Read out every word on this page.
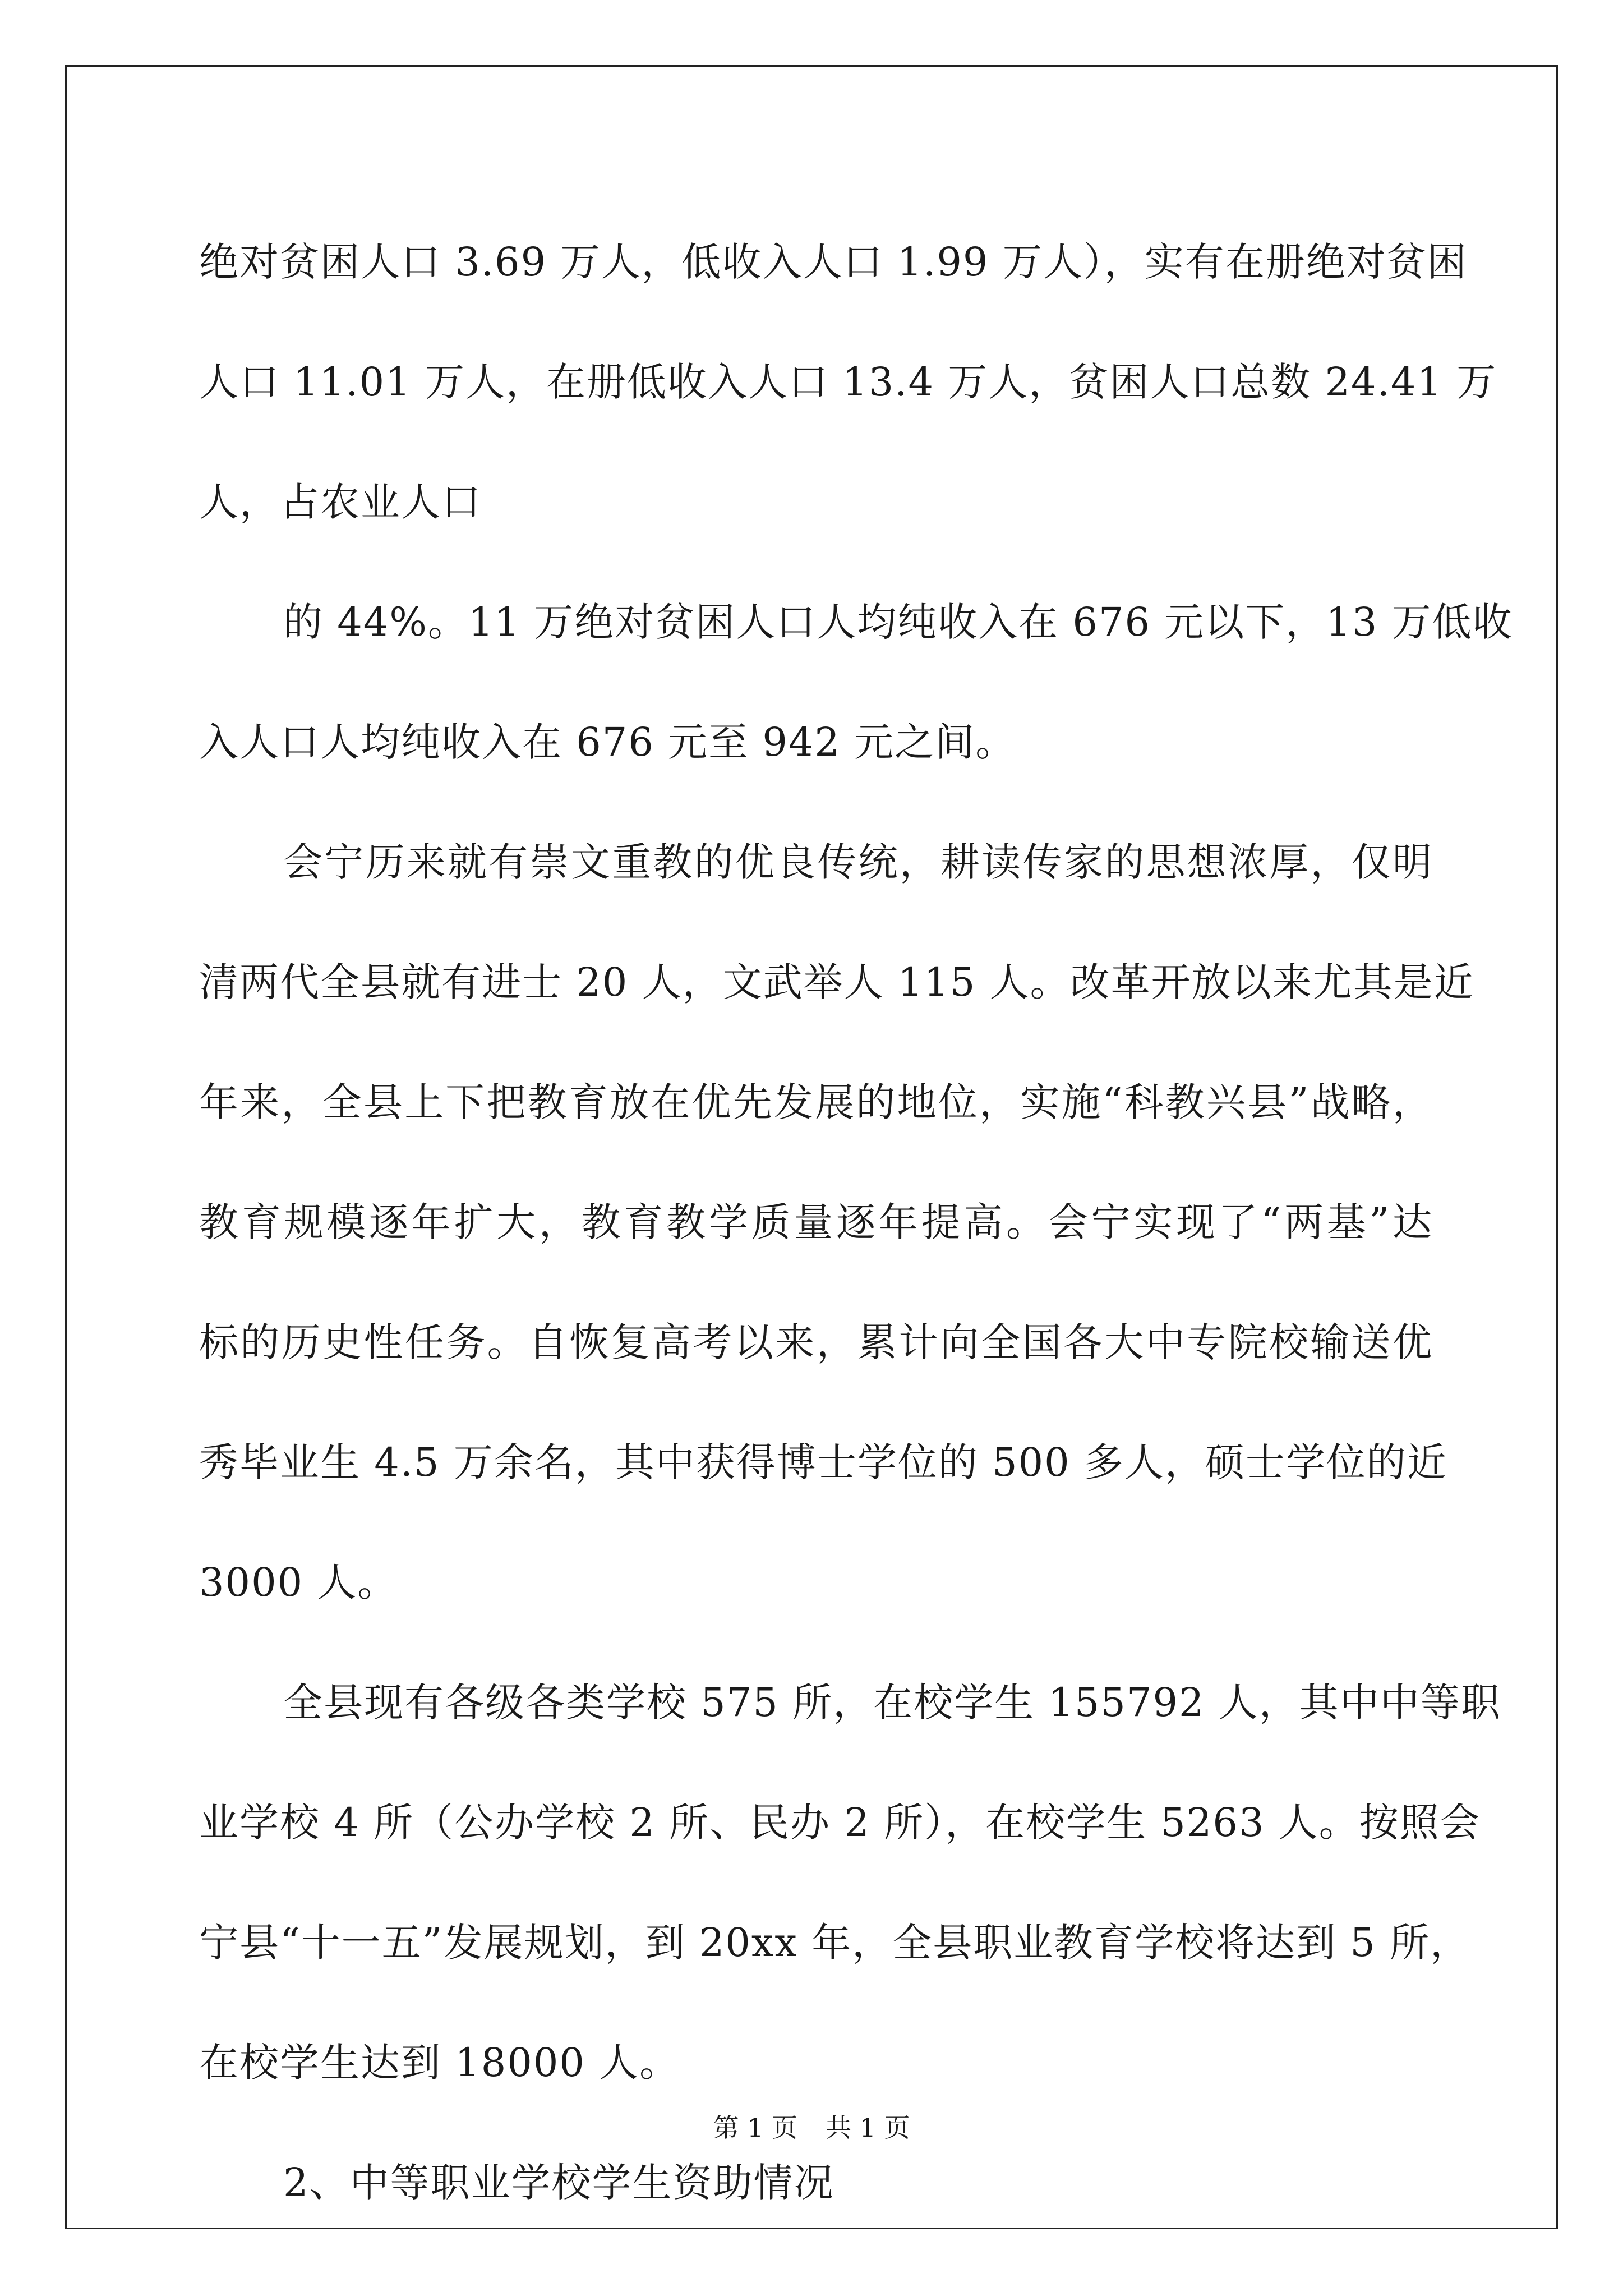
绝对贫困人口 3.69 万人，低收入人口 1.99 万人），实有在册绝对贫困
人口 11.01 万人，在册低收入人口 13.4 万人，贫困人口总数 24.41 万
人，占农业人口

的 44%。11 万绝对贫困人口人均纯收入在 676 元以下，13 万低收
入人口人均纯收入在 676 元至 942 元之间。

会宁历来就有崇文重教的优良传统，耕读传家的思想浓厚，仅明
清两代全县就有进士 20 人，文武举人 115 人。改革开放以来尤其是近
年来，全县上下把教育放在优先发展的地位，实施“科教兴县”战略，
教育规模逐年扩大，教育教学质量逐年提高。会宁实现了“两基”达
标的历史性任务。自恢复高考以来，累计向全国各大中专院校输送优
秀毕业生 4.5 万余名，其中获得博士学位的 500 多人，硕士学位的近
3000 人。

全县现有各级各类学校 575 所，在校学生 155792 人，其中中等职
业学校 4 所（公办学校 2 所、民办 2 所），在校学生 5263 人。按照会
宁县“十一五”发展规划，到 20xx 年，全县职业教育学校将达到 5 所，
在校学生达到 18000 人。

2、中等职业学校学生资助情况

第 1 页 共 1 页
